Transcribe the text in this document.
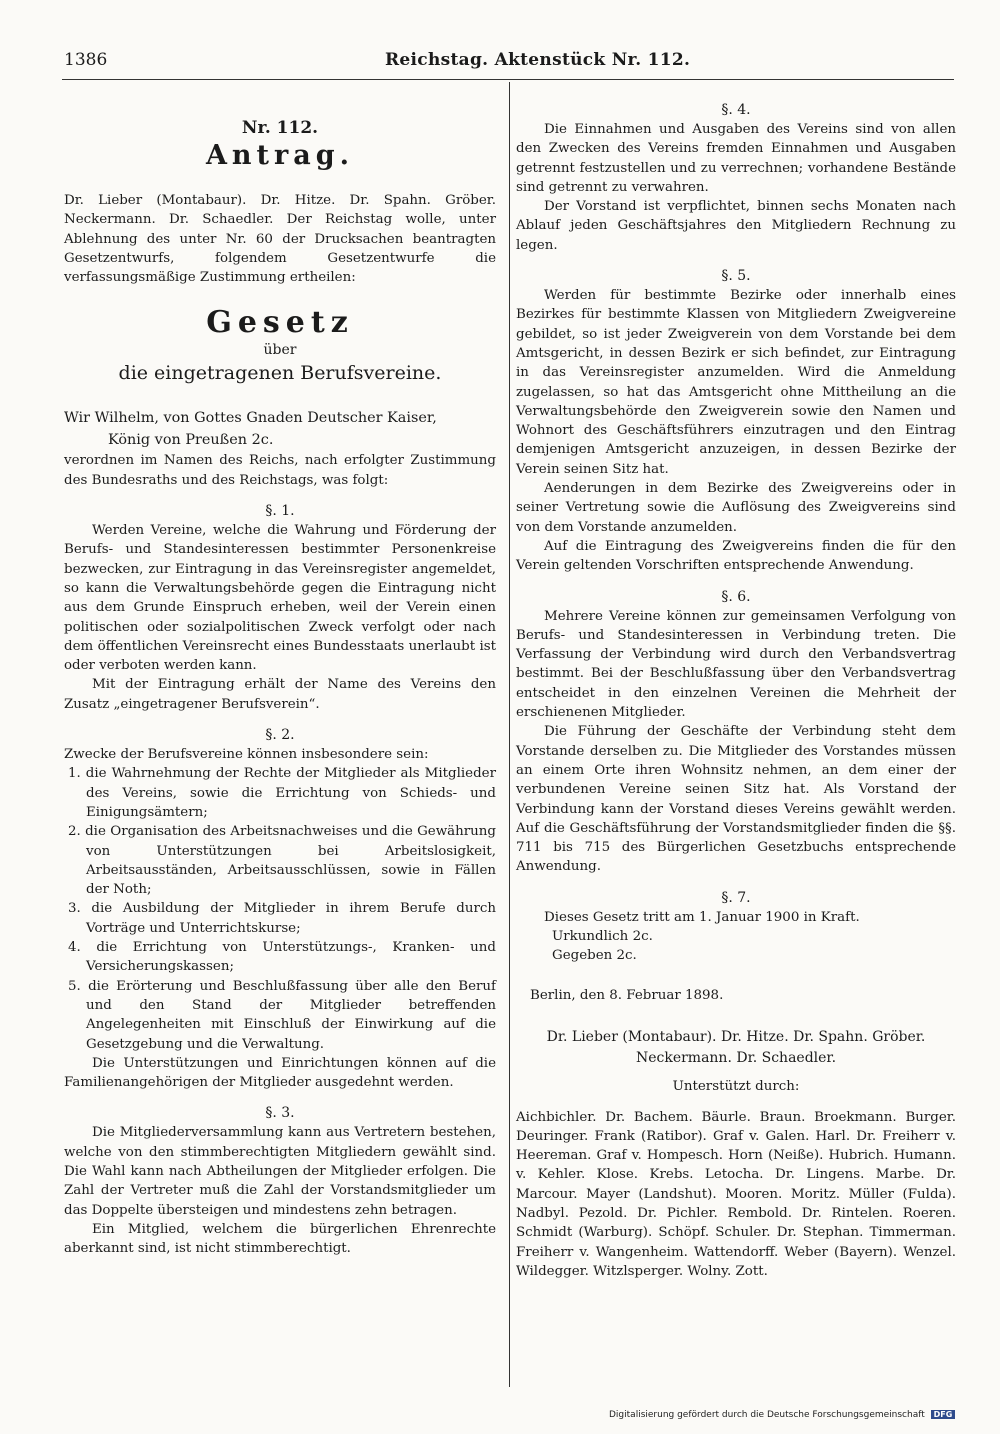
1386	Reichstag. Aktenstück Nr. 112.
Nr. 112.
Antrag.

Dr. Lieber (Montabaur). Dr. Hitze. Dr. Spahn. Gröber. Neckermann. Dr. Schaedler. Der Reichstag wolle, unter Ablehnung des unter Nr. 60 der Drucksachen beantragten Gesetzentwurfs, folgendem Gesetzentwurfe die verfassungsmäßige Zustimmung ertheilen:

Gesetz
über
die eingetragenen Berufsvereine.
Wir Wilhelm, von Gottes Gnaden Deutscher Kaiser,
König von Preußen 2c.

verordnen im Namen des Reichs, nach erfolgter Zustimmung des Bundesraths und des Reichstags, was folgt:

§. 1.

Werden Vereine, welche die Wahrung und Förderung der Berufs- und Standesinteressen bestimmter Personenkreise bezwecken, zur Eintragung in das Vereinsregister angemeldet, so kann die Verwaltungsbehörde gegen die Eintragung nicht aus dem Grunde Einspruch erheben, weil der Verein einen politischen oder sozialpolitischen Zweck verfolgt oder nach dem öffentlichen Vereinsrecht eines Bundesstaats unerlaubt ist oder verboten werden kann.

Mit der Eintragung erhält der Name des Vereins den Zusatz „eingetragener Berufsverein“.

§. 2.

Zwecke der Berufsvereine können insbesondere sein:

1. die Wahrnehmung der Rechte der Mitglieder als Mitglieder des Vereins, sowie die Errichtung von Schieds- und Einigungsämtern;
2. die Organisation des Arbeitsnachweises und die Gewährung von Unterstützungen bei Arbeitslosigkeit, Arbeitsausständen, Arbeitsausschlüssen, sowie in Fällen der Noth;
3. die Ausbildung der Mitglieder in ihrem Berufe durch Vorträge und Unterrichtskurse;
4. die Errichtung von Unterstützungs-, Kranken- und Versicherungskassen;
5. die Erörterung und Beschlußfassung über alle den Beruf und den Stand der Mitglieder betreffenden Angelegenheiten mit Einschluß der Einwirkung auf die Gesetzgebung und die Verwaltung.

Die Unterstützungen und Einrichtungen können auf die Familienangehörigen der Mitglieder ausgedehnt werden.

§. 3.

Die Mitgliederversammlung kann aus Vertretern bestehen, welche von den stimmberechtigten Mitgliedern gewählt sind. Die Wahl kann nach Abtheilungen der Mitglieder erfolgen. Die Zahl der Vertreter muß die Zahl der Vorstandsmitglieder um das Doppelte übersteigen und mindestens zehn betragen.

Ein Mitglied, welchem die bürgerlichen Ehrenrechte aberkannt sind, ist nicht stimmberechtigt.

§. 4.

Die Einnahmen und Ausgaben des Vereins sind von allen den Zwecken des Vereins fremden Einnahmen und Ausgaben getrennt festzustellen und zu verrechnen; vorhandene Bestände sind getrennt zu verwahren.

Der Vorstand ist verpflichtet, binnen sechs Monaten nach Ablauf jeden Geschäftsjahres den Mitgliedern Rechnung zu legen.

§. 5.

Werden für bestimmte Bezirke oder innerhalb eines Bezirkes für bestimmte Klassen von Mitgliedern Zweigvereine gebildet, so ist jeder Zweigverein von dem Vorstande bei dem Amtsgericht, in dessen Bezirk er sich befindet, zur Eintragung in das Vereinsregister anzumelden. Wird die Anmeldung zugelassen, so hat das Amtsgericht ohne Mittheilung an die Verwaltungsbehörde den Zweigverein sowie den Namen und Wohnort des Geschäftsführers einzutragen und den Eintrag demjenigen Amtsgericht anzuzeigen, in dessen Bezirke der Verein seinen Sitz hat.

Aenderungen in dem Bezirke des Zweigvereins oder in seiner Vertretung sowie die Auflösung des Zweigvereins sind von dem Vorstande anzumelden.

Auf die Eintragung des Zweigvereins finden die für den Verein geltenden Vorschriften entsprechende Anwendung.

§. 6.

Mehrere Vereine können zur gemeinsamen Verfolgung von Berufs- und Standesinteressen in Verbindung treten. Die Verfassung der Verbindung wird durch den Verbandsvertrag bestimmt. Bei der Beschlußfassung über den Verbandsvertrag entscheidet in den einzelnen Vereinen die Mehrheit der erschienenen Mitglieder.

Die Führung der Geschäfte der Verbindung steht dem Vorstande derselben zu. Die Mitglieder des Vorstandes müssen an einem Orte ihren Wohnsitz nehmen, an dem einer der verbundenen Vereine seinen Sitz hat. Als Vorstand der Verbindung kann der Vorstand dieses Vereins gewählt werden. Auf die Geschäftsführung der Vorstandsmitglieder finden die §§. 711 bis 715 des Bürgerlichen Gesetzbuchs entsprechende Anwendung.

§. 7.

Dieses Gesetz tritt am 1. Januar 1900 in Kraft.

Urkundlich 2c.
Gegeben 2c.
Berlin, den 8. Februar 1898.
Dr. Lieber (Montabaur). Dr. Hitze. Dr. Spahn. Gröber. Neckermann. Dr. Schaedler.
Unterstützt durch:

Aichbichler. Dr. Bachem. Bäurle. Braun. Broekmann. Burger. Deuringer. Frank (Ratibor). Graf v. Galen. Harl. Dr. Freiherr v. Heereman. Graf v. Hompesch. Horn (Neiße). Hubrich. Humann. v. Kehler. Klose. Krebs. Letocha. Dr. Lingens. Marbe. Dr. Marcour. Mayer (Landshut). Mooren. Moritz. Müller (Fulda). Nadbyl. Pezold. Dr. Pichler. Rembold. Dr. Rintelen. Roeren. Schmidt (Warburg). Schöpf. Schuler. Dr. Stephan. Timmerman. Freiherr v. Wangenheim. Wattendorff. Weber (Bayern). Wenzel. Wildegger. Witzlsperger. Wolny. Zott.

Digitalisierung gefördert durch die Deutsche Forschungsgemeinschaft DFG
